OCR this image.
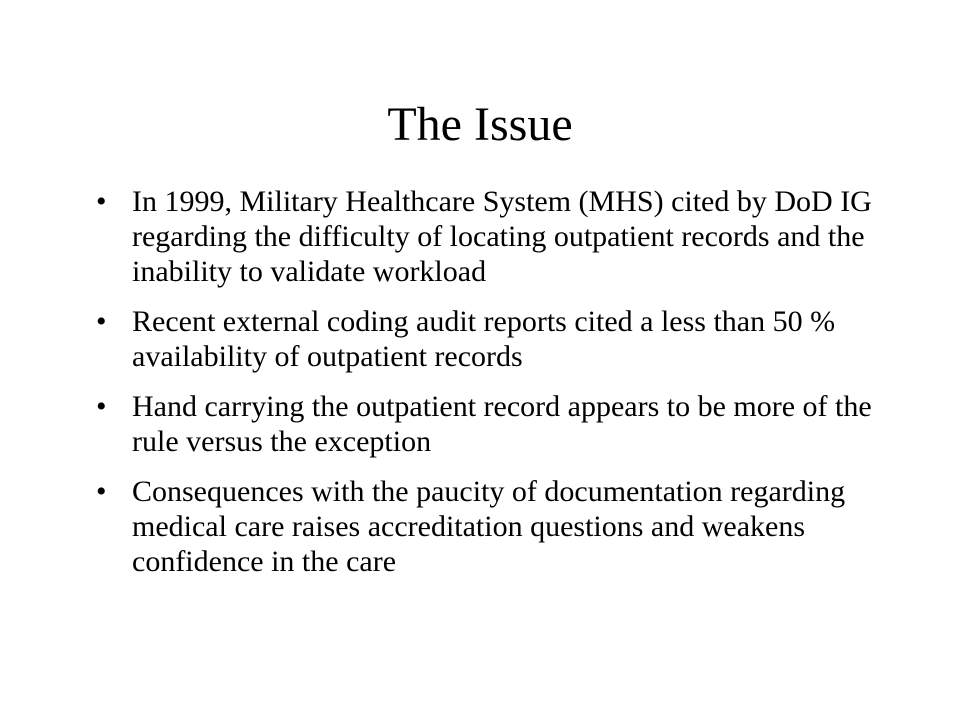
The Issue
• In 1999, Military Healthcare System (MHS) cited by DoD IG regarding the difficulty of locating outpatient records and the inability to validate workload
• Recent external coding audit reports cited a less than 50 % availability of outpatient records
• Hand carrying the outpatient record appears to be more of the rule versus the exception
• Consequences with the paucity of documentation regarding medical care raises accreditation questions and weakens confidence in the care
